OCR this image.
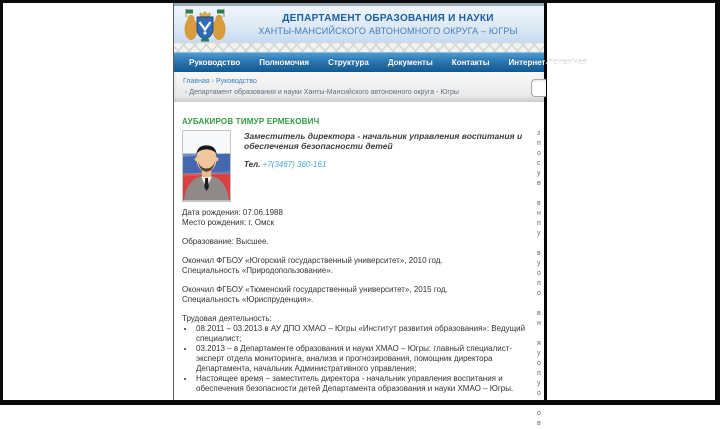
ДЕПАРТАМЕНТ ОБРАЗОВАНИЯ И НАУКИ
ХАНТЫ-МАНСИЙСКОГО АВТОНОМНОГО ОКРУГА – ЮГРЫ
Руководство Полномочия Структура Документы Контакты Интернет-приемная
Главная › Руководство
› Департамент образования и науки Ханты-Мансийского автономного округа - Югры
АУБАКИРОВ ТИМУР ЕРМЕКОВИЧ
Заместитель директора - начальник управления воспитания и обеспечения безопасности детей
Тел. +7(3467) 360-161

Дата рождения: 07.06.1988
Место рождения: г. Омск

Образование: Высшее.

Окончил ФГБОУ «Югорский государственный университет», 2010 год.
Специальность «Природопользование».

Окончил ФГБОУ «Тюменский государственный университет», 2015 год.
Специальность «Юриспруденция».

Трудовая деятельность:

• 08.2011 – 03.2013 в АУ ДПО ХМАО – Югры «Институт развития образования»: Ведущий специалист;
• 03.2013 – в Департаменте образования и науки ХМАО – Югры: главный специалист-эксперт отдела мониторинга, анализа и прогнозирования, помощник директора Департамента, начальник Административного управления;
• Настоящее время – заместитель директора - начальник управления воспитания и обеспечения безопасности детей Департамента образования и науки ХМАО – Югры.
з
п
о
с
у
в

в
н
п
у

в
у
о
п
о

в
н

я
у
о
п
у
о

о
в
